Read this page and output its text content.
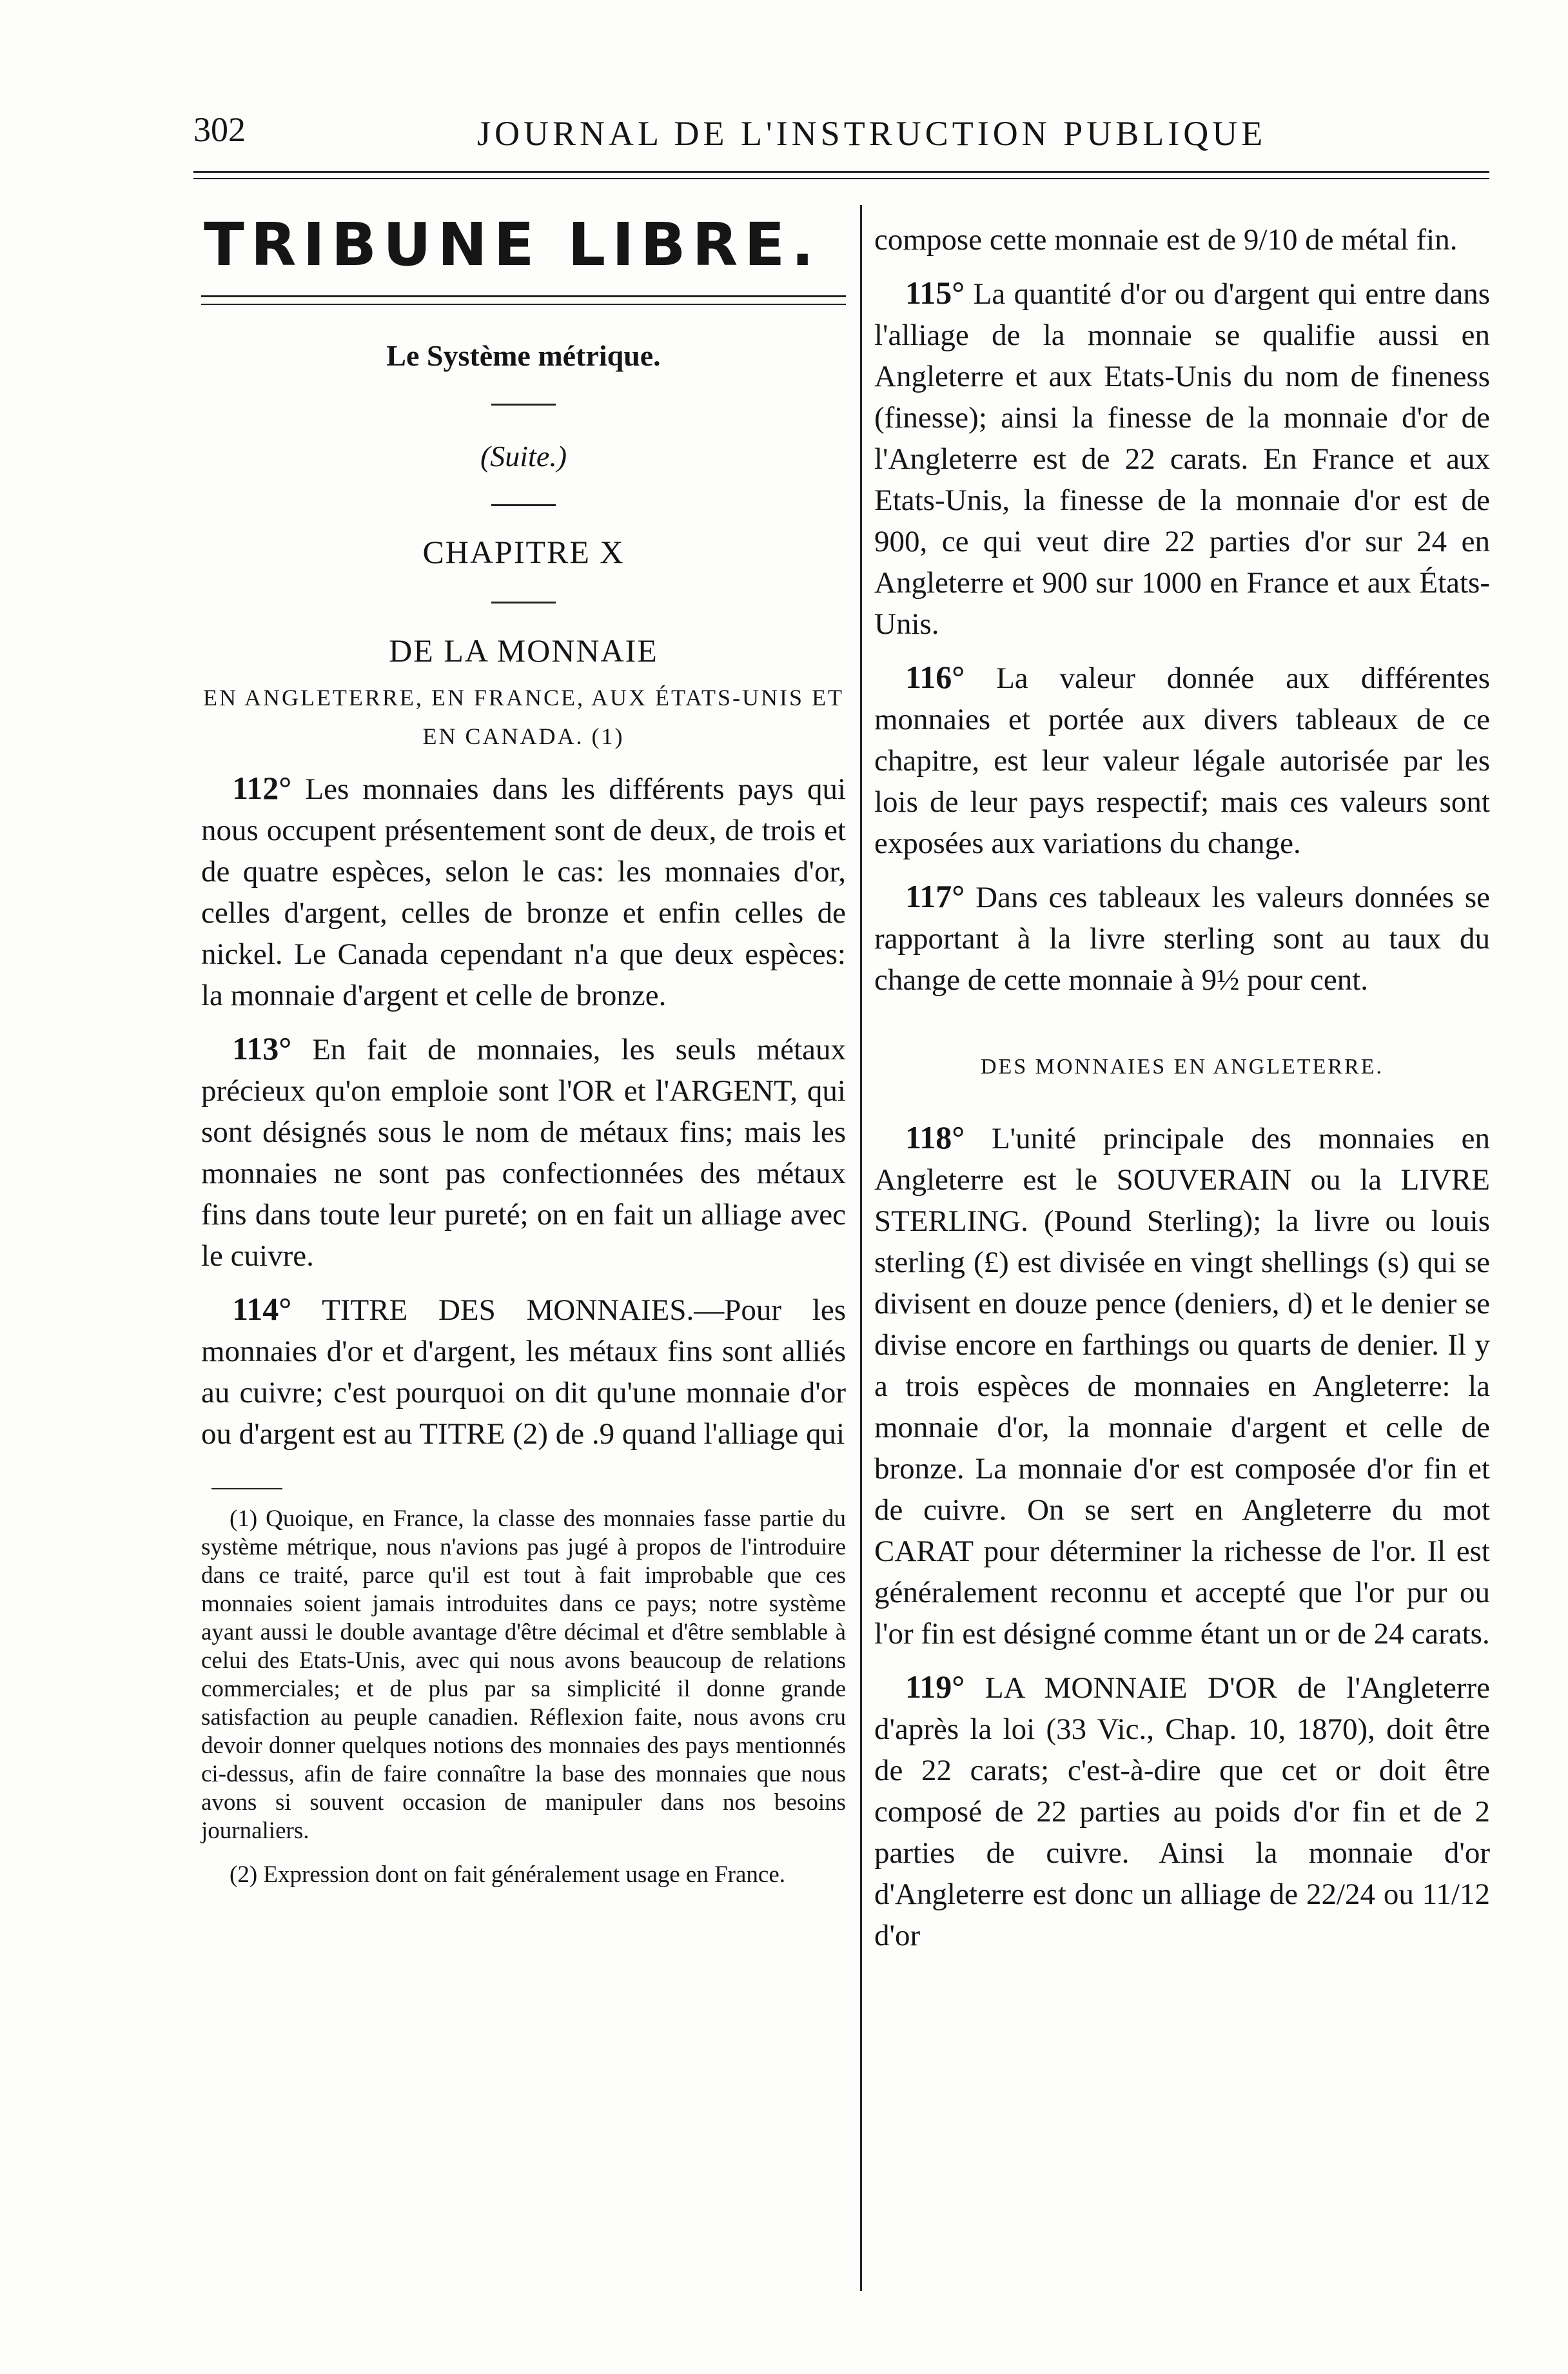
302	JOURNAL DE L'INSTRUCTION PUBLIQUE
TRIBUNE LIBRE.
Le Système métrique.
(Suite.)
CHAPITRE X
DE LA MONNAIE
EN ANGLETERRE, EN FRANCE, AUX ÉTATS-UNIS ET EN CANADA. (1)

112° Les monnaies dans les différents pays qui nous occupent présentement sont de deux, de trois et de quatre espèces, selon le cas: les monnaies d'or, celles d'argent, celles de bronze et enfin celles de nickel. Le Canada cependant n'a que deux espèces: la monnaie d'argent et celle de bronze.

113° En fait de monnaies, les seuls métaux précieux qu'on emploie sont l'OR et l'ARGENT, qui sont désignés sous le nom de métaux fins; mais les monnaies ne sont pas confectionnées des métaux fins dans toute leur pureté; on en fait un alliage avec le cuivre.

114° TITRE DES MONNAIES.—Pour les monnaies d'or et d'argent, les métaux fins sont alliés au cuivre; c'est pourquoi on dit qu'une monnaie d'or ou d'argent est au TITRE (2) de .9 quand l'alliage qui

(1) Quoique, en France, la classe des monnaies fasse partie du système métrique, nous n'avions pas jugé à propos de l'introduire dans ce traité, parce qu'il est tout à fait improbable que ces monnaies soient jamais introduites dans ce pays; notre système ayant aussi le double avantage d'être décimal et d'être semblable à celui des Etats-Unis, avec qui nous avons beaucoup de relations commerciales; et de plus par sa simplicité il donne grande satisfaction au peuple canadien. Réflexion faite, nous avons cru devoir donner quelques notions des monnaies des pays mentionnés ci-dessus, afin de faire connaître la base des monnaies que nous avons si souvent occasion de manipuler dans nos besoins journaliers.

(2) Expression dont on fait généralement usage en France.

compose cette monnaie est de 9/10 de métal fin.

115° La quantité d'or ou d'argent qui entre dans l'alliage de la monnaie se qualifie aussi en Angleterre et aux Etats-Unis du nom de fineness (finesse); ainsi la finesse de la monnaie d'or de l'Angleterre est de 22 carats. En France et aux Etats-Unis, la finesse de la monnaie d'or est de 900, ce qui veut dire 22 parties d'or sur 24 en Angleterre et 900 sur 1000 en France et aux États-Unis.

116° La valeur donnée aux différentes monnaies et portée aux divers tableaux de ce chapitre, est leur valeur légale autorisée par les lois de leur pays respectif; mais ces valeurs sont exposées aux variations du change.

117° Dans ces tableaux les valeurs données se rapportant à la livre sterling sont au taux du change de cette monnaie à 9½ pour cent.

DES MONNAIES EN ANGLETERRE.

118° L'unité principale des monnaies en Angleterre est le SOUVERAIN ou la LIVRE STERLING. (Pound Sterling); la livre ou louis sterling (£) est divisée en vingt shellings (s) qui se divisent en douze pence (deniers, d) et le denier se divise encore en farthings ou quarts de denier. Il y a trois espèces de monnaies en Angleterre: la monnaie d'or, la monnaie d'argent et celle de bronze. La monnaie d'or est composée d'or fin et de cuivre. On se sert en Angleterre du mot CARAT pour déterminer la richesse de l'or. Il est généralement reconnu et accepté que l'or pur ou l'or fin est désigné comme étant un or de 24 carats.

119° LA MONNAIE D'OR de l'Angleterre d'après la loi (33 Vic., Chap. 10, 1870), doit être de 22 carats; c'est-à-dire que cet or doit être composé de 22 parties au poids d'or fin et de 2 parties de cuivre. Ainsi la monnaie d'or d'Angleterre est donc un alliage de 22/24 ou 11/12 d'or
